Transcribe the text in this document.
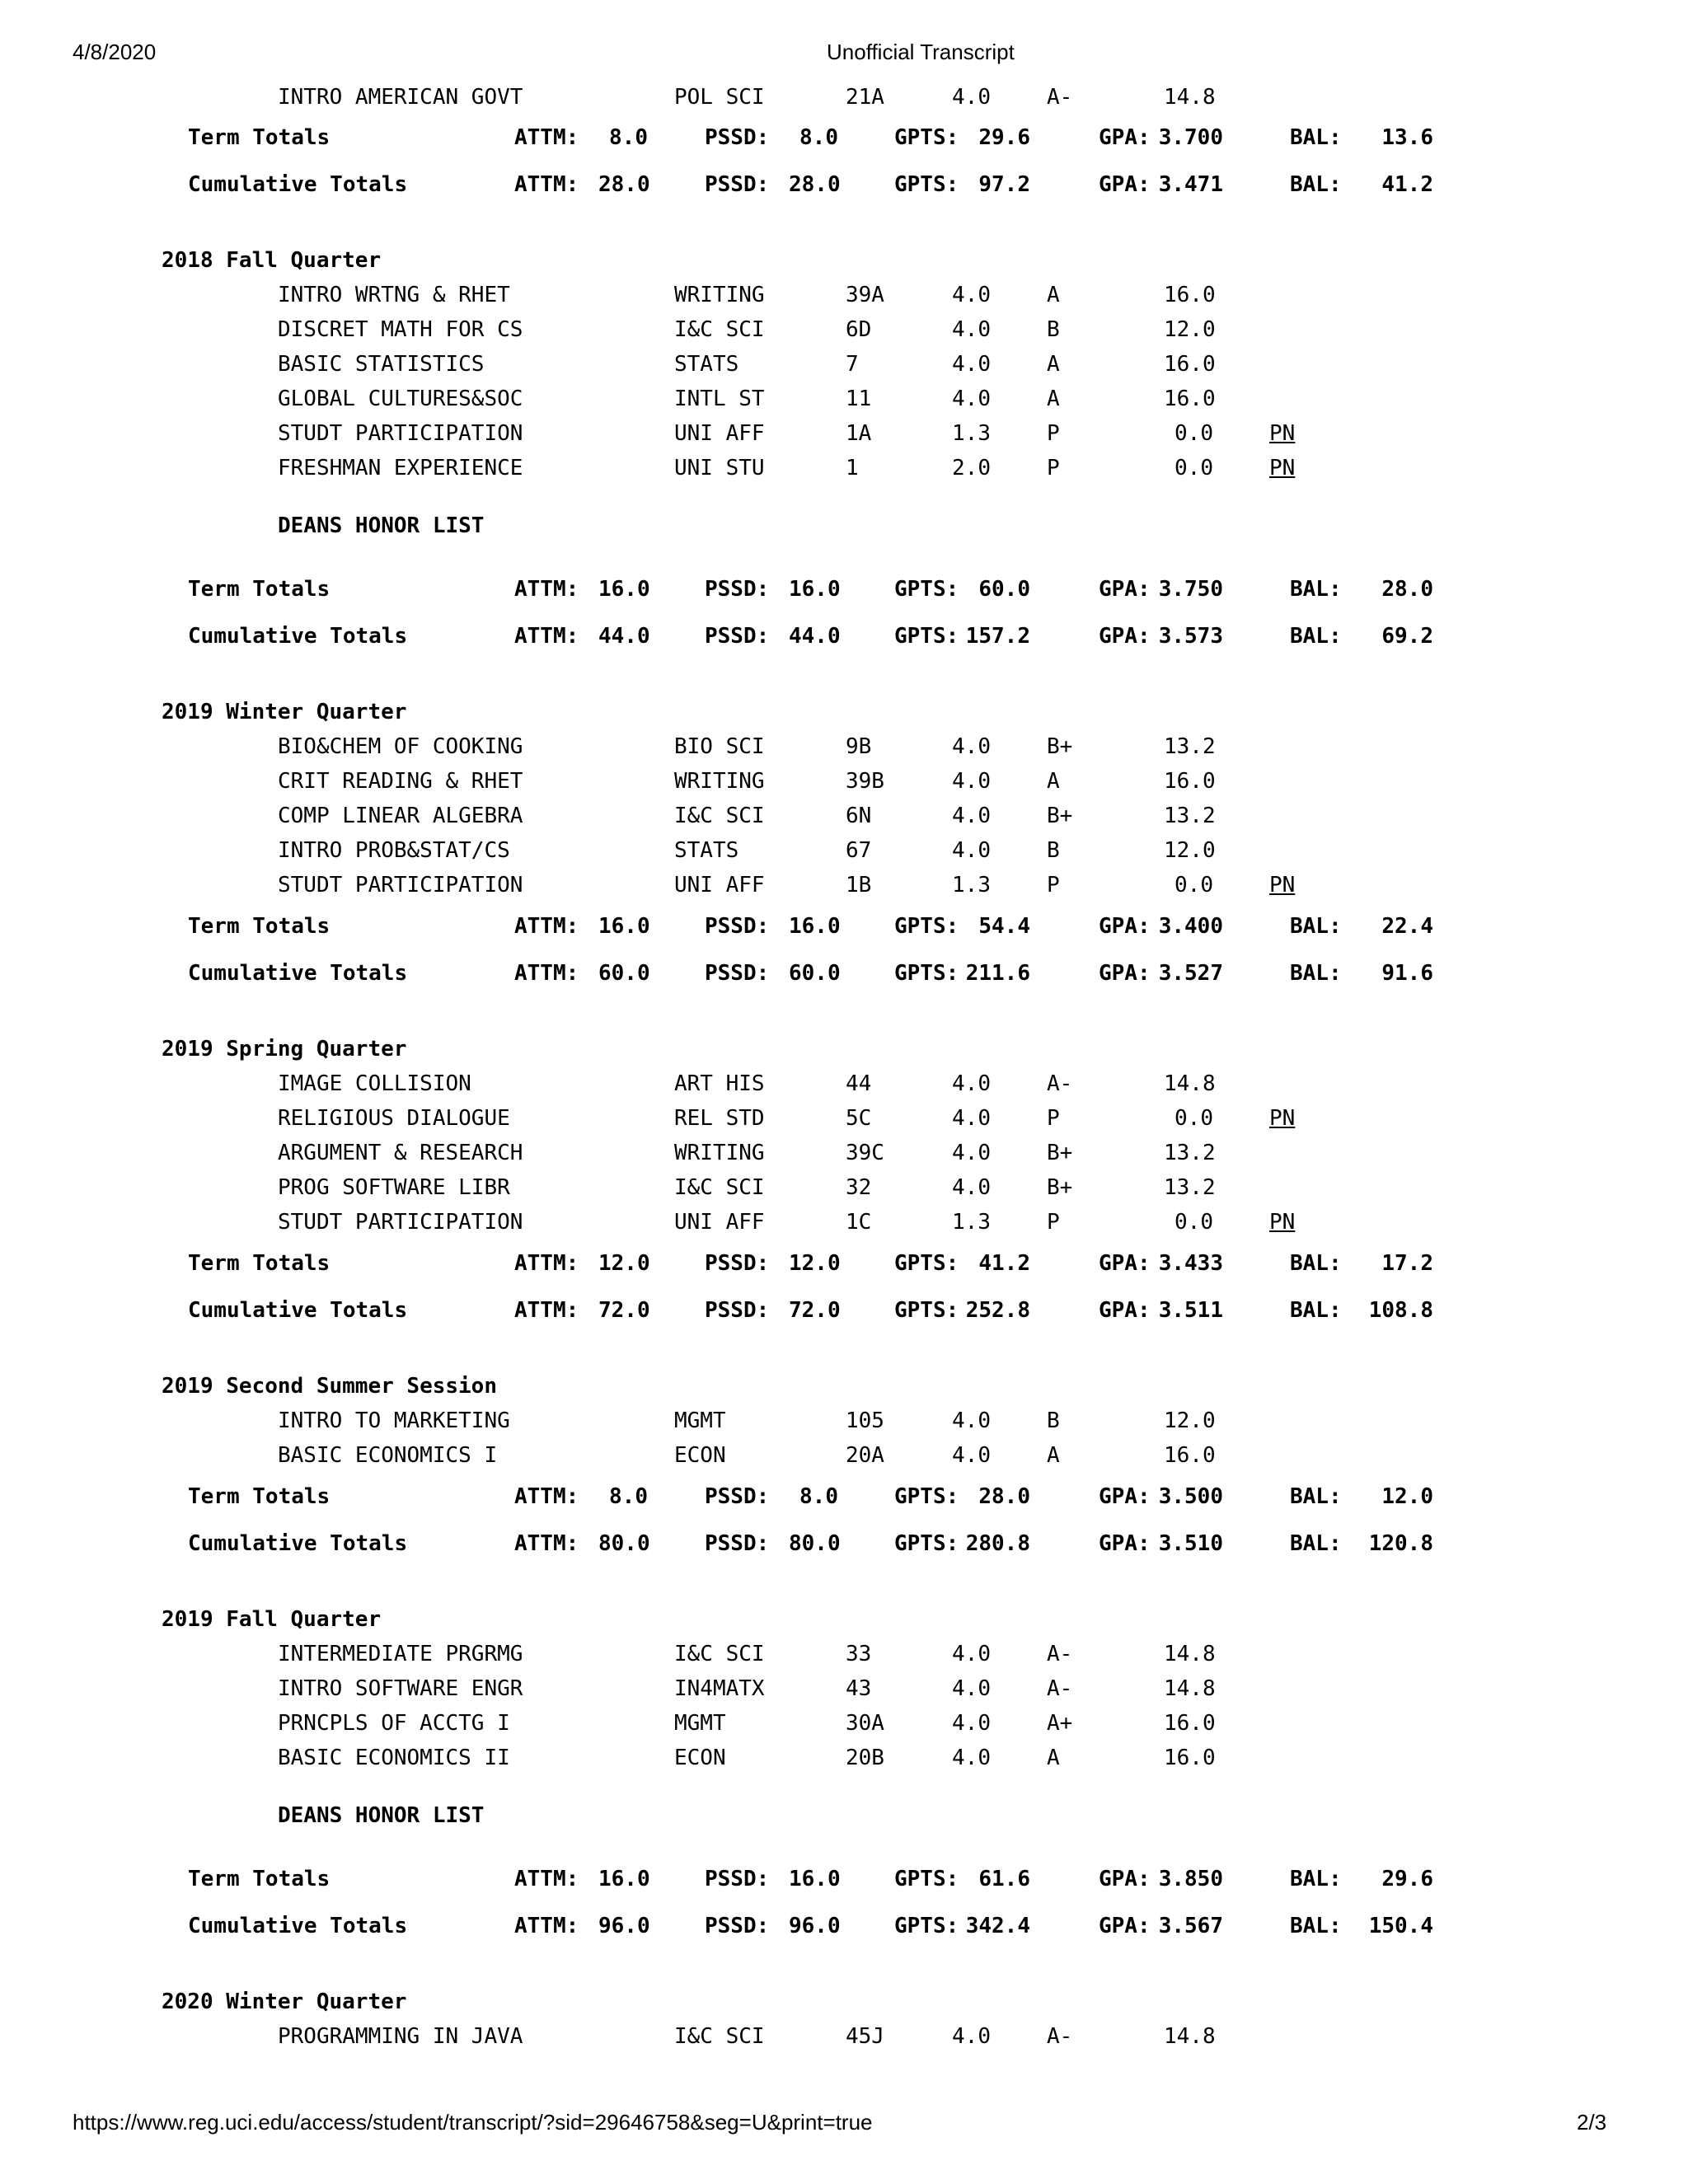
4/8/2020	Unofficial Transcript
INTRO AMERICAN GOVT	POL SCI	21A	4.0	A-	14.8
Term Totals	ATTM:	8.0	PSSD:	8.0	GPTS: 29.6	GPA: 3.700	BAL:	13.6
Cumulative Totals	ATTM: 28.0	PSSD: 28.0	GPTS: 97.2	GPA: 3.471	BAL:	41.2
2018 Fall Quarter
INTRO WRTNG & RHET	WRITING	39A	4.0	A	16.0
DISCRET MATH FOR CS	I&C SCI	6D	4.0	B	12.0
BASIC STATISTICS	STATS	7	4.0	A	16.0
GLOBAL CULTURES&SOC	INTL ST	11	4.0	A	16.0
STUDT PARTICIPATION	UNI AFF	1A	1.3	P	0.0	PN
FRESHMAN EXPERIENCE	UNI STU	1	2.0	P	0.0	PN
DEANS HONOR LIST
Term Totals	ATTM: 16.0	PSSD: 16.0	GPTS: 60.0	GPA: 3.750	BAL:	28.0
Cumulative Totals	ATTM: 44.0	PSSD: 44.0	GPTS: 157.2	GPA: 3.573	BAL:	69.2
2019 Winter Quarter
BIO&CHEM OF COOKING	BIO SCI	9B	4.0	B+	13.2
CRIT READING & RHET	WRITING	39B	4.0	A	16.0
COMP LINEAR ALGEBRA	I&C SCI	6N	4.0	B+	13.2
INTRO PROB&STAT/CS	STATS	67	4.0	B	12.0
STUDT PARTICIPATION	UNI AFF	1B	1.3	P	0.0	PN
Term Totals	ATTM: 16.0	PSSD: 16.0	GPTS: 54.4	GPA: 3.400	BAL:	22.4
Cumulative Totals	ATTM: 60.0	PSSD: 60.0	GPTS: 211.6	GPA: 3.527	BAL:	91.6
2019 Spring Quarter
IMAGE COLLISION	ART HIS	44	4.0	A-	14.8
RELIGIOUS DIALOGUE	REL STD	5C	4.0	P	0.0	PN
ARGUMENT & RESEARCH	WRITING	39C	4.0	B+	13.2
PROG SOFTWARE LIBR	I&C SCI	32	4.0	B+	13.2
STUDT PARTICIPATION	UNI AFF	1C	1.3	P	0.0	PN
Term Totals	ATTM: 12.0	PSSD: 12.0	GPTS: 41.2	GPA: 3.433	BAL:	17.2
Cumulative Totals	ATTM: 72.0	PSSD: 72.0	GPTS: 252.8	GPA: 3.511	BAL: 108.8
2019 Second Summer Session
INTRO TO MARKETING	MGMT	105	4.0	B	12.0
BASIC ECONOMICS I	ECON	20A	4.0	A	16.0
Term Totals	ATTM:	8.0	PSSD:	8.0	GPTS: 28.0	GPA: 3.500	BAL:	12.0
Cumulative Totals	ATTM: 80.0	PSSD: 80.0	GPTS: 280.8	GPA: 3.510	BAL: 120.8
2019 Fall Quarter
INTERMEDIATE PRGRMG	I&C SCI	33	4.0	A-	14.8
INTRO SOFTWARE ENGR	IN4MATX	43	4.0	A-	14.8
PRNCPLS OF ACCTG I	MGMT	30A	4.0	A+	16.0
BASIC ECONOMICS II	ECON	20B	4.0	A	16.0
DEANS HONOR LIST
Term Totals	ATTM: 16.0	PSSD: 16.0	GPTS: 61.6	GPA: 3.850	BAL:	29.6
Cumulative Totals	ATTM: 96.0	PSSD: 96.0	GPTS: 342.4	GPA: 3.567	BAL: 150.4
2020 Winter Quarter
PROGRAMMING IN JAVA	I&C SCI	45J	4.0	A-	14.8
https://www.reg.uci.edu/access/student/transcript/?sid=29646758&seg=U&print=true	2/3
